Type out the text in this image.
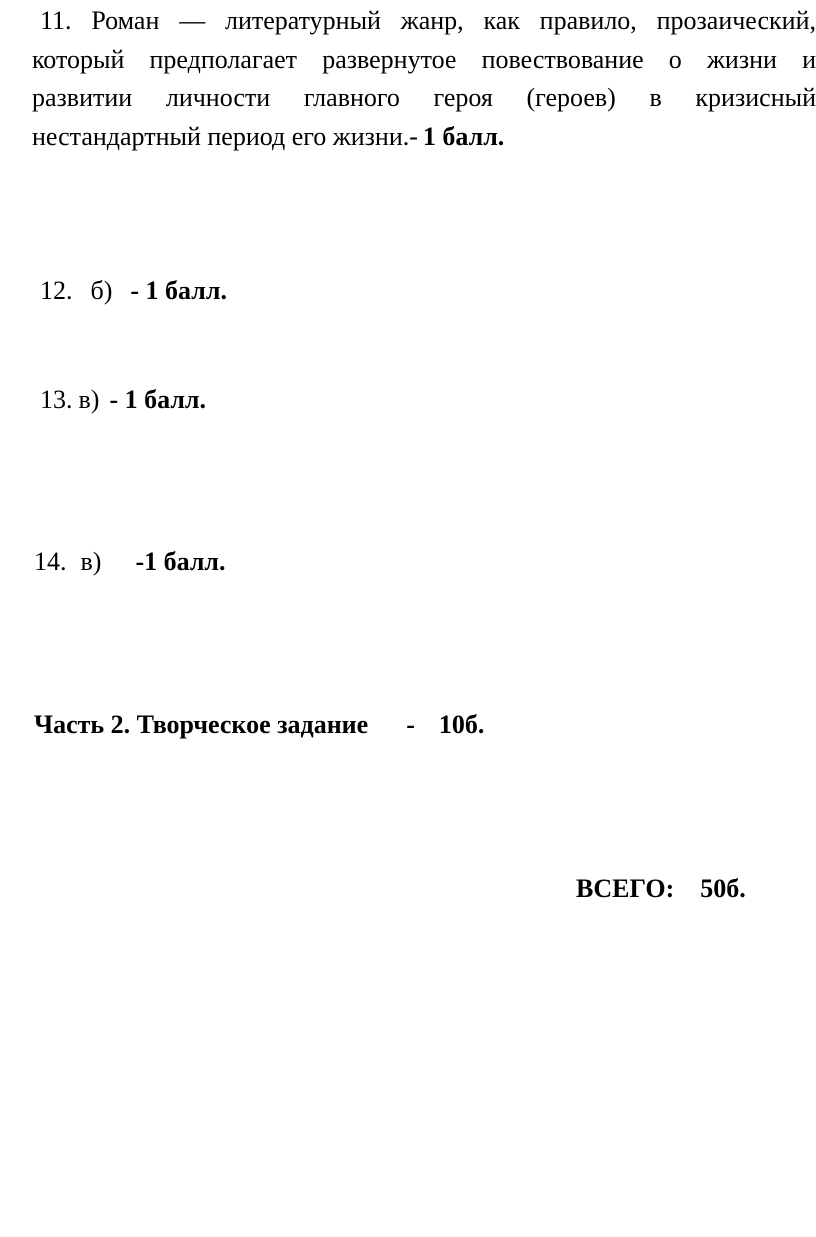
11. Роман — литературный жанр, как правило, прозаический,
который предполагает развернутое повествование о жизни и
развитии личности главного героя (героев) в кризисный
нестандартный период его жизни.- 1 балл.
12. б) - 1 балл.
13. в) - 1 балл.
14. в) -1 балл.
Часть 2. Творческое задание - 10б.
ВСЕГО: 50б.
